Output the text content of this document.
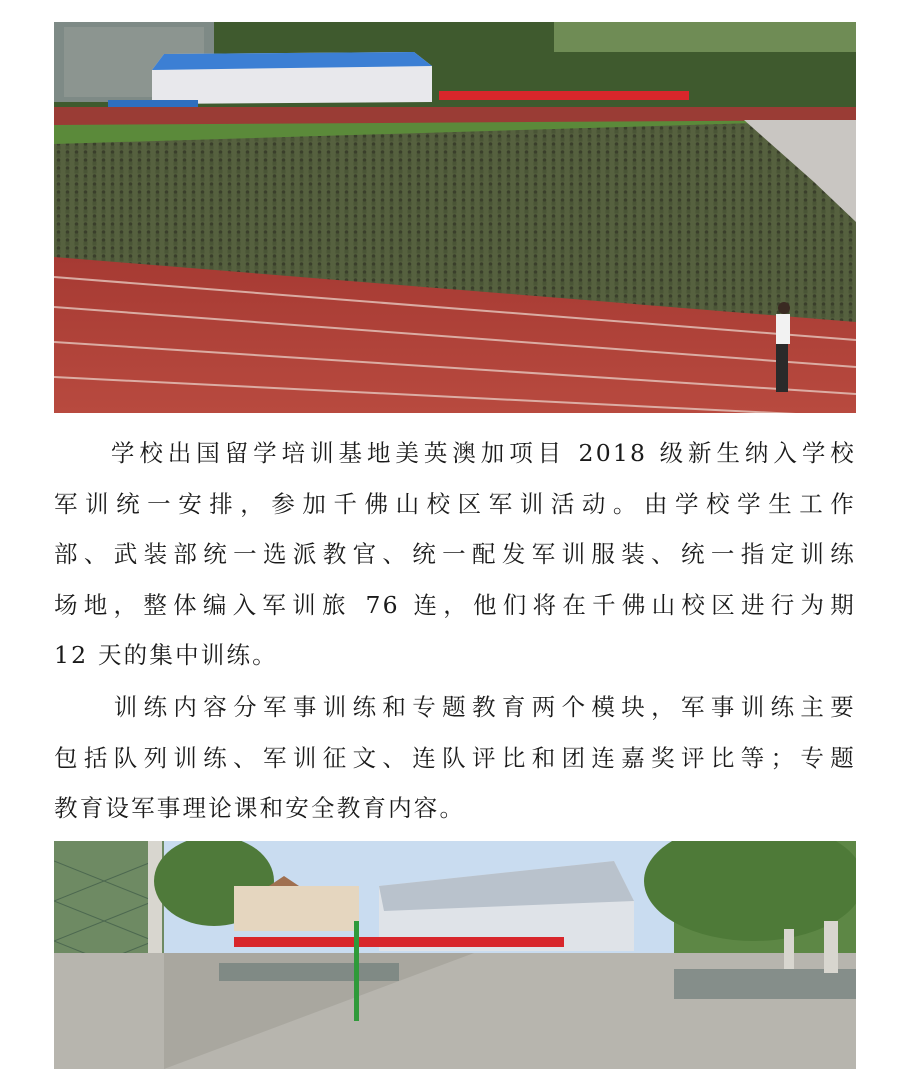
　　学校出国留学培训基地美英澳加项目 2018 级新生纳入学校
军训统一安排，参加千佛山校区军训活动。由学校学生工作
部、武装部统一选派教官、统一配发军训服装、统一指定训练
场地，整体编入军训旅 76 连，他们将在千佛山校区进行为期
12 天的集中训练。
　　训练内容分军事训练和专题教育两个模块，军事训练主要
包括队列训练、军训征文、连队评比和团连嘉奖评比等；专题
教育设军事理论课和安全教育内容。
